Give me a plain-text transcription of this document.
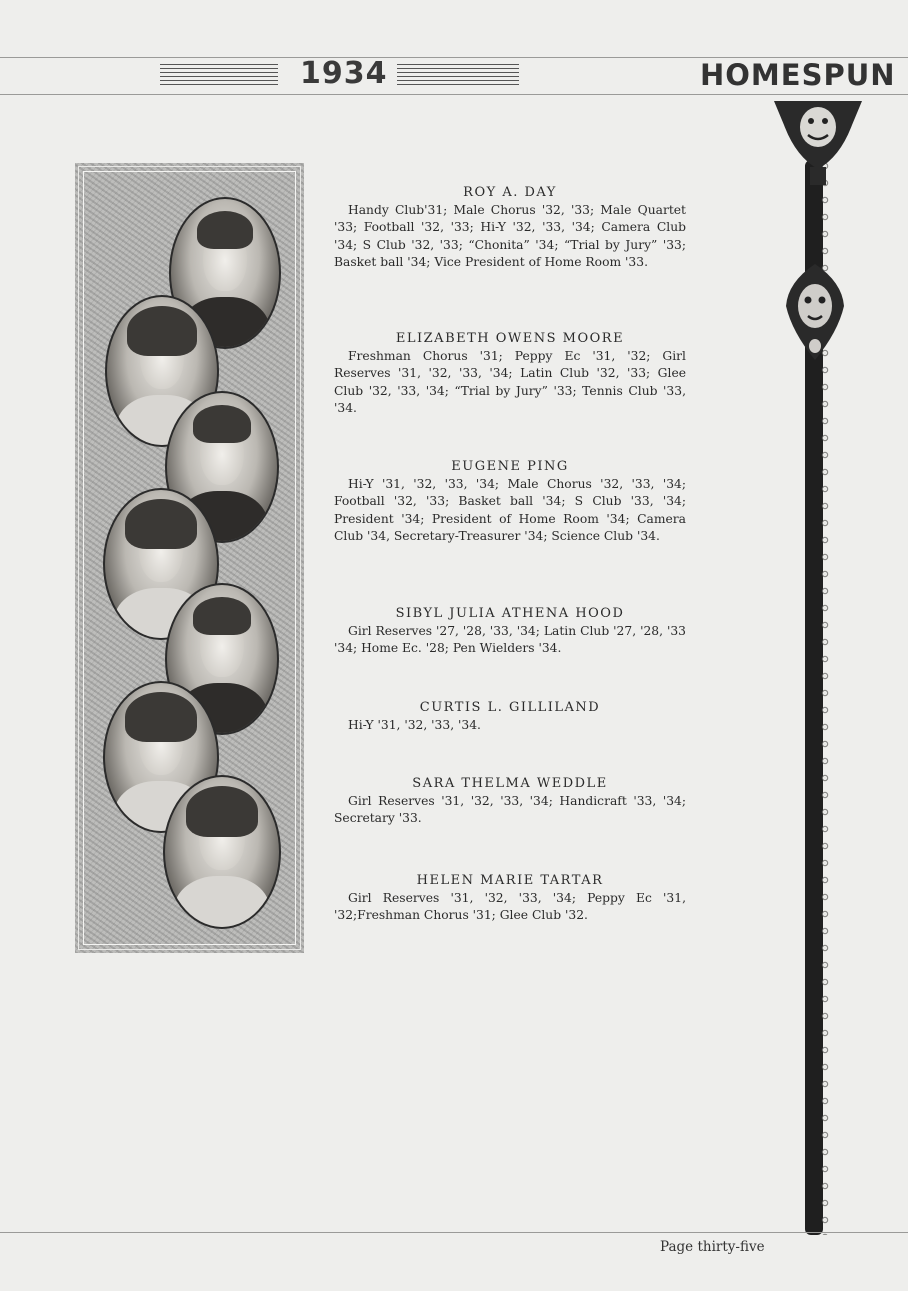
1934	HOMESPUN
ROY A. DAY
Handy Club'31; Male Chorus '32, '33; Male Quartet '33; Football '32, '33; Hi-Y '32, '33, '34; Camera Club '34; S Club '32, '33; “Chonita” '34; “Trial by Jury” '33; Basket ball '34; Vice President of Home Room '33.
ELIZABETH OWENS MOORE
Freshman Chorus '31; Peppy Ec '31, '32; Girl Reserves '31, '32, '33, '34; Latin Club '32, '33; Glee Club '32, '33, '34; “Trial by Jury” '33; Tennis Club '33, '34.
EUGENE PING
Hi-Y '31, '32, '33, '34; Male Chorus '32, '33, '34; Football '32, '33; Basket ball '34; S Club '33, '34; President '34; President of Home Room '34; Camera Club '34, Secretary-Treasurer '34; Science Club '34.
SIBYL JULIA ATHENA HOOD
Girl Reserves '27, '28, '33, '34; Latin Club '27, '28, '33 '34; Home Ec. '28; Pen Wielders '34.
CURTIS L. GILLILAND
Hi-Y '31, '32, '33, '34.
SARA THELMA WEDDLE
Girl Reserves '31, '32, '33, '34; Handicraft '33, '34; Secretary '33.
HELEN MARIE TARTAR
Girl Reserves '31, '32, '33, '34; Peppy Ec '31, '32;Freshman Chorus '31; Glee Club '32.
Page thirty-five
